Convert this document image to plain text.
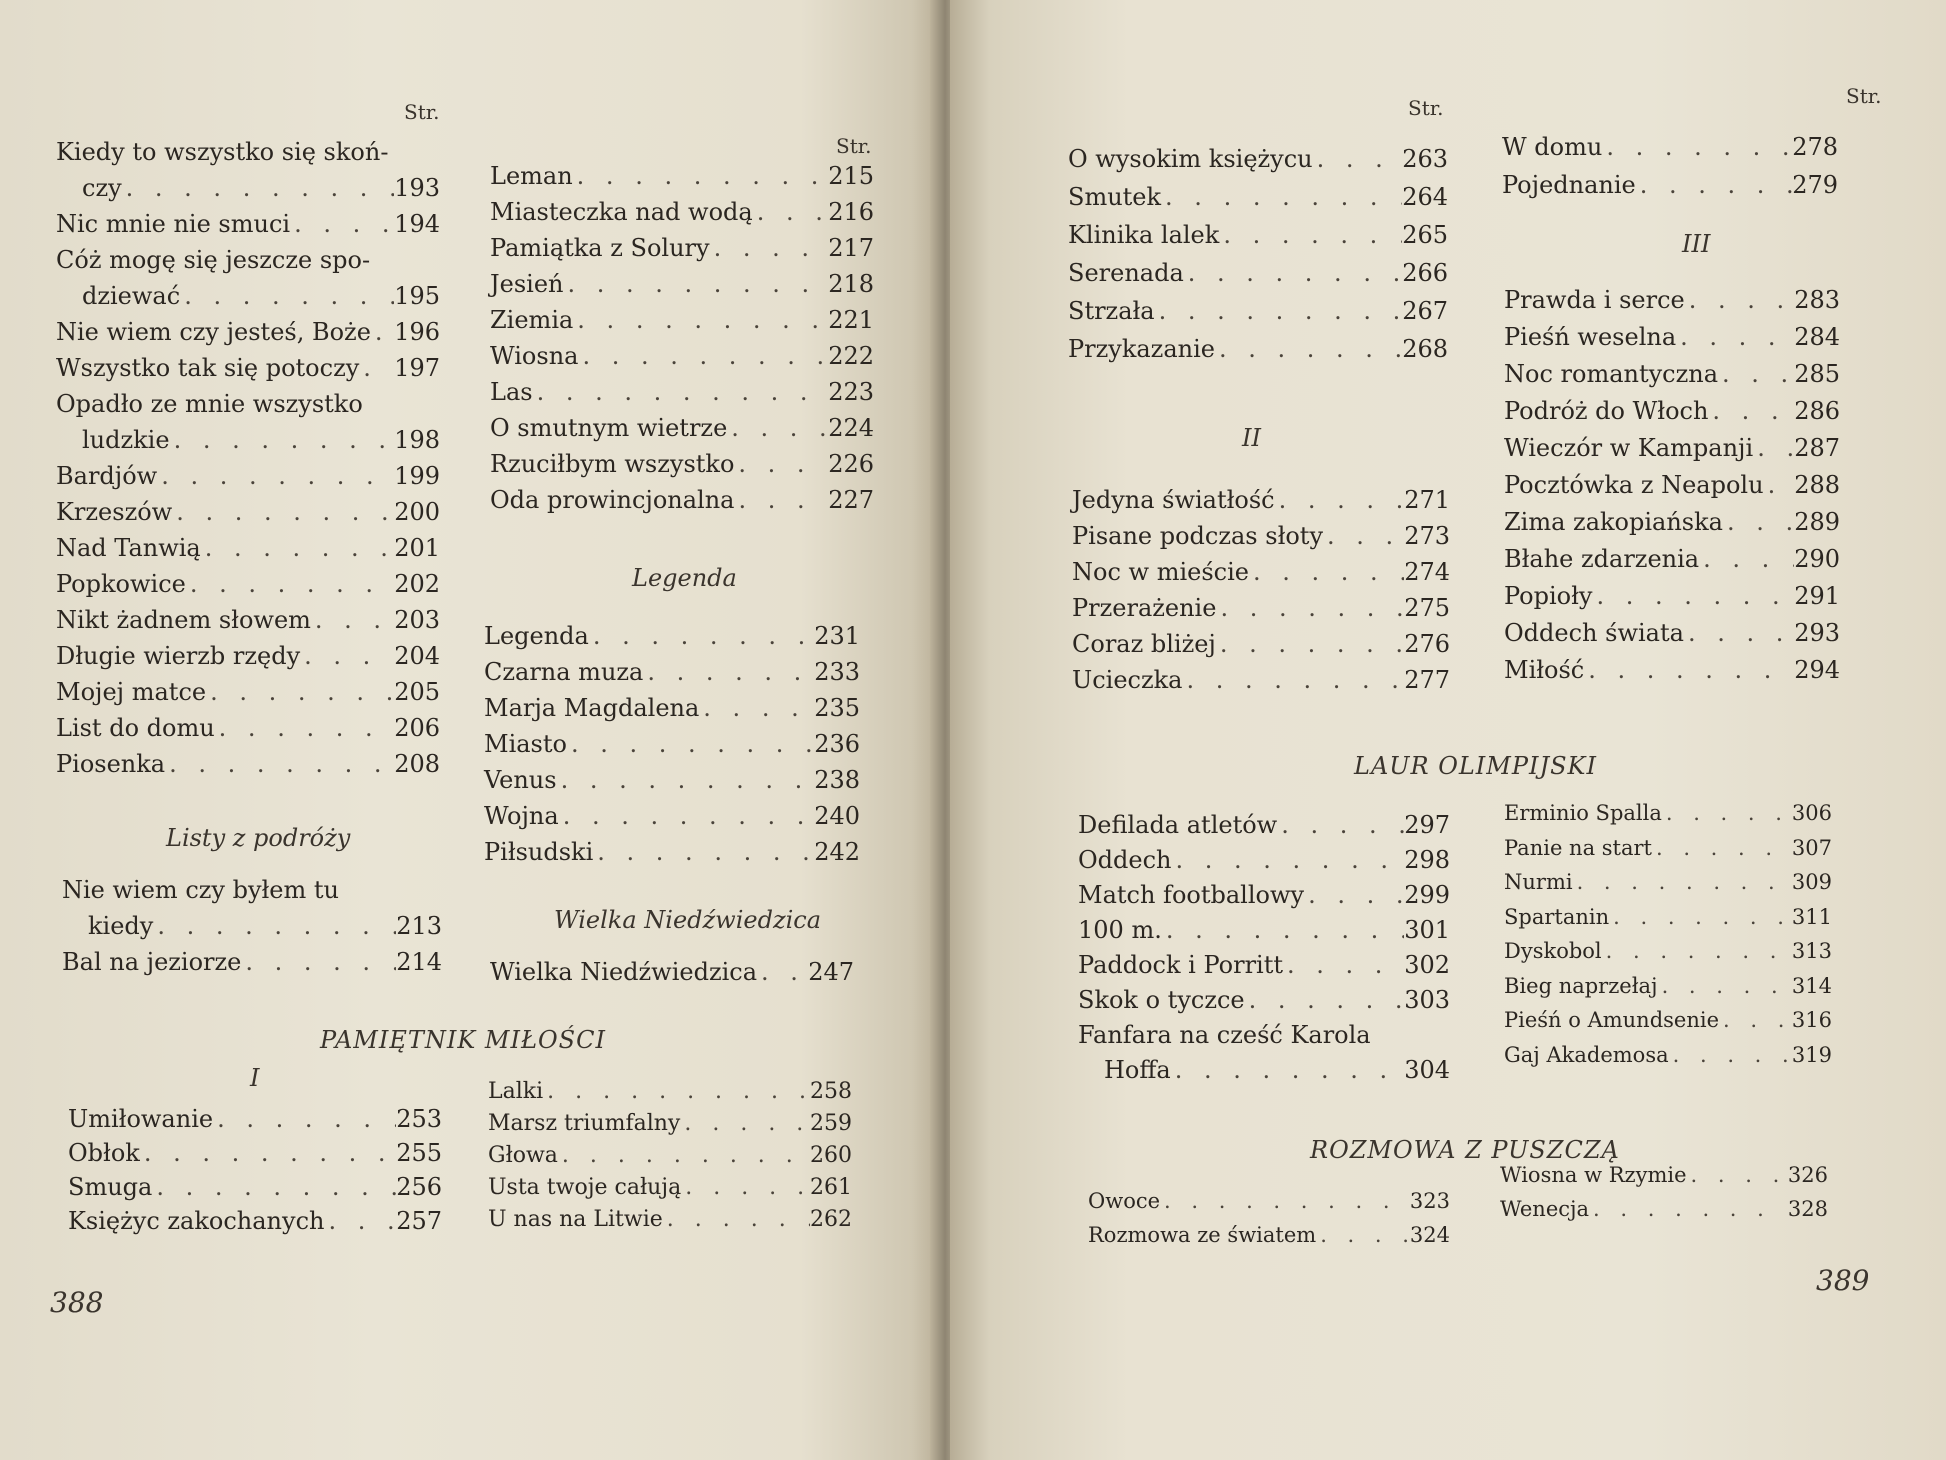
Str.
Kiedy to wszystko się skoń-
czy . . .	193
Nic mnie nie smuci . . .	194
Cóż mogę się jeszcze spo-
dziewać . . .	195
Nie wiem czy jesteś, Boże . . . 196
Wszystko tak się potoczy . . . 197
Opadło ze mnie wszystko
ludzkie . . .	198
Bardjów . . .	199
Krzeszów . . .	200
Nad Tanwią . . .	201
Popkowice . . .	202
Nikt żadnem słowem . . .	203
Długie wierzb rzędy . . .	204
Mojej matce . . .	205
List do domu . . .	206
Piosenka . . .	208
Listy z podróży
Nie wiem czy byłem tu
kiedy . . .	213
Bal na jeziorze . . .	214
PAMIĘTNIK MIŁOŚCI
I
Umiłowanie . . .	253
Obłok . . .	255
Smuga . . .	256
Księżyc zakochanych . . .	257
Str.
Leman . . .	215
Miasteczka nad wodą . . .	216
Pamiątka z Solury . . .	217
Jesień . . .	218
Ziemia . . .	221
Wiosna . . .	222
Las . . .	223
O smutnym wietrze . . .	224
Rzuciłbym wszystko . . .	226
Oda prowincjonalna . . .	227
Legenda
Legenda . . .	231
Czarna muza . . .	233
Marja Magdalena . . .	235
Miasto . . .	236
Venus . . .	238
Wojna . . .	240
Piłsudski . . .	242
Wielka Niedźwiedzica
Wielka Niedźwiedzica . . . 247
Lalki . . .	258
Marsz triumfalny . . .	259
Głowa . . .	260
Usta twoje całują . . .	261
U nas na Litwie . . .	262
388
Str.
O wysokim księżycu . . .	263
Smutek . . .	264
Klinika lalek . . .	265
Serenada . . .	266
Strzała . . .	267
Przykazanie . . .	268
II
Jedyna światłość . . .	271
Pisane podczas słoty . . .	273
Noc w mieście . . .	274
Przerażenie . . .	275
Coraz bliżej . . .	276
Ucieczka . . .	277
LAUR OLIMPIJSKI
Defilada atletów . . .	297
Oddech . . .	298
Match footballowy . . .	299
100 m. . . .	301
Paddock i Porritt . . .	302
Skok o tyczce . . .	303
Fanfara na cześć Karola
Hoffa . . .	304
ROZMOWA Z PUSZCZĄ
Owoce . . .	323
Rozmowa ze światem . . .	324
Str.
W domu . . .	278
Pojednanie . . .	279
III
Prawda i serce . . .	283
Pieśń weselna . . .	284
Noc romantyczna . . .	285
Podróż do Włoch . . .	286
Wieczór w Kampanji . . . 287
Pocztówka z Neapolu . . . 288
Zima zakopiańska . . .	289
Błahe zdarzenia . . .	290
Popioły . . .	291
Oddech świata . . .	293
Miłość . . .	294
Erminio Spalla . . .	306
Panie na start . . .	307
Nurmi . . .	309
Spartanin . . .	311
Dyskobol . . .	313
Bieg naprzełaj . . .	314
Pieśń o Amundsenie . . .	316
Gaj Akademosa . . .	319
Wiosna w Rzymie . . .	326
Wenecja . . .	328
389
